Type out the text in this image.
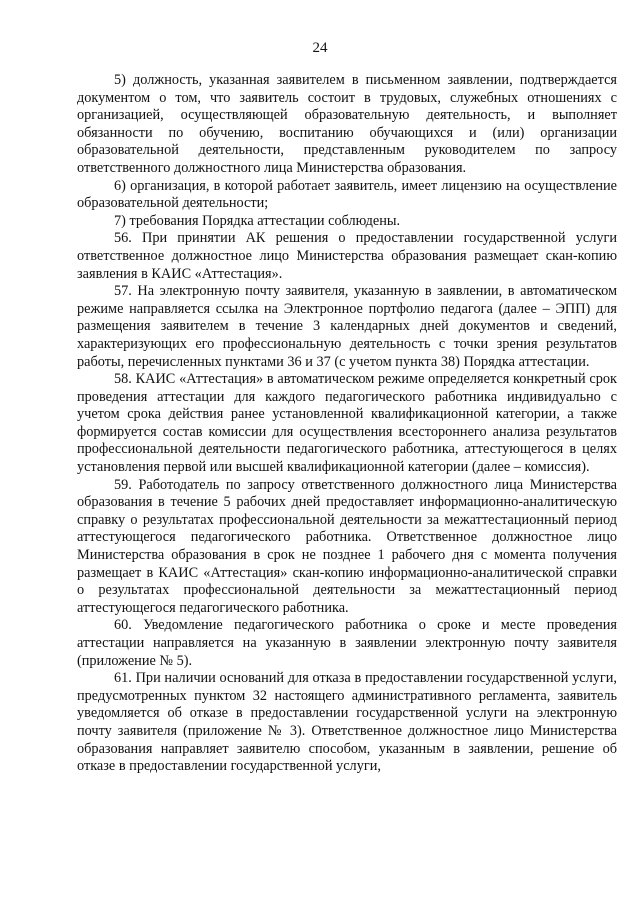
24

5) должность, указанная заявителем в письменном заявлении, подтверждается документом о том, что заявитель состоит в трудовых, служебных отношениях с организацией, осуществляющей образовательную деятельность, и выполняет обязанности по обучению, воспитанию обучающихся и (или) организации образовательной деятельности, представленным руководителем по запросу ответственного должностного лица Министерства образования.

6) организация, в которой работает заявитель, имеет лицензию на осуществление образовательной деятельности;

7) требования Порядка аттестации соблюдены.

56. При принятии АК решения о предоставлении государственной услуги ответственное должностное лицо Министерства образования размещает скан-копию заявления в КАИС «Аттестация».

57. На электронную почту заявителя, указанную в заявлении, в автоматическом режиме направляется ссылка на Электронное портфолио педагога (далее – ЭПП) для размещения заявителем в течение 3 календарных дней документов и сведений, характеризующих его профессиональную деятельность с точки зрения результатов работы, перечисленных пунктами 36 и 37 (с учетом пункта 38) Порядка аттестации.

58. КАИС «Аттестация» в автоматическом режиме определяется конкретный срок проведения аттестации для каждого педагогического работника индивидуально с учетом срока действия ранее установленной квалификационной категории, а также формируется состав комиссии для осуществления всестороннего анализа результатов профессиональной деятельности педагогического работника, аттестующегося в целях установления первой или высшей квалификационной категории (далее – комиссия).

59. Работодатель по запросу ответственного должностного лица Министерства образования в течение 5 рабочих дней предоставляет информационно-аналитическую справку о результатах профессиональной деятельности за межаттестационный период аттестующегося педагогического работника. Ответственное должностное лицо Министерства образования в срок не позднее 1 рабочего дня с момента получения размещает в КАИС «Аттестация» скан-копию информационно-аналитической справки о результатах профессиональной деятельности за межаттестационный период аттестующегося педагогического работника.

60. Уведомление педагогического работника о сроке и месте проведения аттестации направляется на указанную в заявлении электронную почту заявителя (приложение № 5).

61. При наличии оснований для отказа в предоставлении государственной услуги, предусмотренных пунктом 32 настоящего административного регламента, заявитель уведомляется об отказе в предоставлении государственной услуги на электронную почту заявителя (приложение № 3). Ответственное должностное лицо Министерства образования направляет заявителю способом, указанным в заявлении, решение об отказе в предоставлении государственной услуги,
